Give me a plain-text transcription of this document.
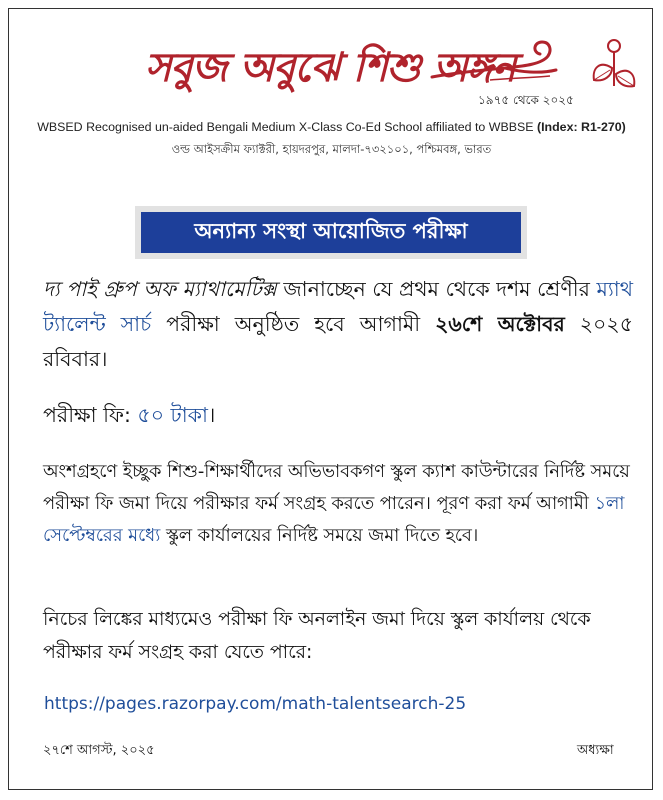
সবুজ অবুঝে শিশু অঙ্গন
১৯৭৫ থেকে ২০২৫
WBSED Recognised un-aided Bengali Medium X-Class Co-Ed School affiliated to WBBSE (Index: R1-270)
ওল্ড আইসক্রীম ফ্যাক্টরী, হায়দরপুর, মালদা-৭৩২১০১, পশ্চিমবঙ্গ, ভারত
অন্যান্য সংস্থা আয়োজিত পরীক্ষা
দ্য পাই গ্রুপ অফ ম্যাথামেটিক্স জানাচ্ছেন যে প্রথম থেকে দশম শ্রেণীর ম্যাথ ট্যালেন্ট সার্চ পরীক্ষা অনুষ্ঠিত হবে আগামী ২৬শে অক্টোবর ২০২৫ রবিবার।
পরীক্ষা ফি: ৫০ টাকা।
অংশগ্রহণে ইচ্ছুক শিশু-শিক্ষার্থীদের অভিভাবকগণ স্কুল ক্যাশ কাউন্টারের নির্দিষ্ট সময়ে পরীক্ষা ফি জমা দিয়ে পরীক্ষার ফর্ম সংগ্রহ করতে পারেন। পূরণ করা ফর্ম আগামী ১লা সেপ্টেম্বরের মধ্যে স্কুল কার্যালয়ের নির্দিষ্ট সময়ে জমা দিতে হবে।
নিচের লিঙ্কের মাধ্যমেও পরীক্ষা ফি অনলাইন জমা দিয়ে স্কুল কার্যালয় থেকে পরীক্ষার ফর্ম সংগ্রহ করা যেতে পারে:
https://pages.razorpay.com/math-talentsearch-25
২৭শে আগস্ট, ২০২৫	অধ্যক্ষা
